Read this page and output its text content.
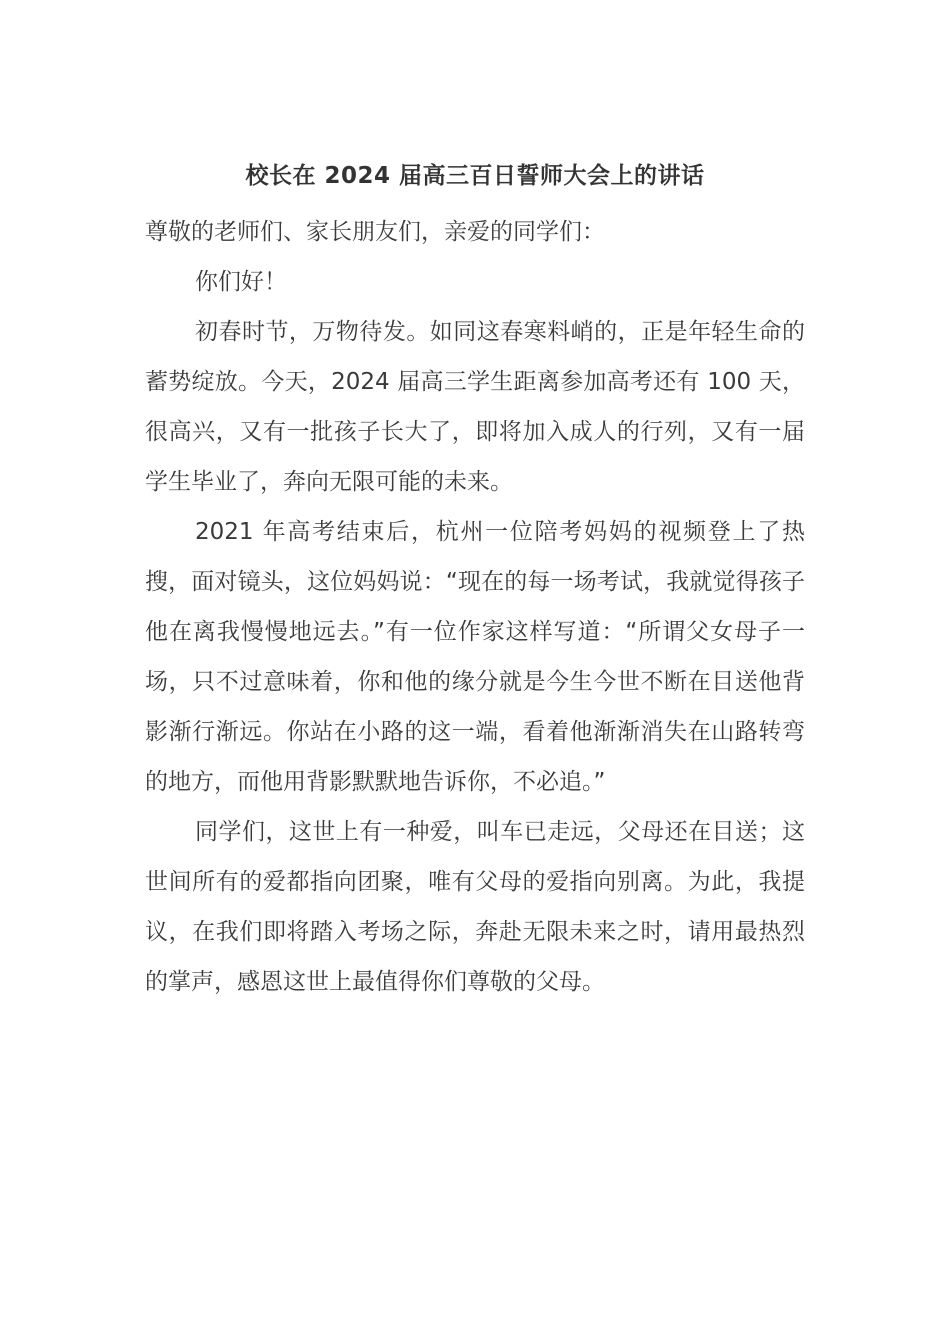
校长在 2024 届高三百日誓师大会上的讲话

尊敬的老师们、家长朋友们，亲爱的同学们：

你们好！

初春时节，万物待发。如同这春寒料峭的，正是年轻生命的蓄势绽放。今天，2024 届高三学生距离参加高考还有 100 天，很高兴，又有一批孩子长大了，即将加入成人的行列，又有一届学生毕业了，奔向无限可能的未来。

2021 年高考结束后，杭州一位陪考妈妈的视频登上了热搜，面对镜头，这位妈妈说：“现在的每一场考试，我就觉得孩子他在离我慢慢地远去。”有一位作家这样写道：“所谓父女母子一场，只不过意味着，你和他的缘分就是今生今世不断在目送他背影渐行渐远。你站在小路的这一端，看着他渐渐消失在山路转弯的地方，而他用背影默默地告诉你，不必追。”

同学们，这世上有一种爱，叫车已走远，父母还在目送；这世间所有的爱都指向团聚，唯有父母的爱指向别离。为此，我提议，在我们即将踏入考场之际，奔赴无限未来之时，请用最热烈的掌声，感恩这世上最值得你们尊敬的父母。
